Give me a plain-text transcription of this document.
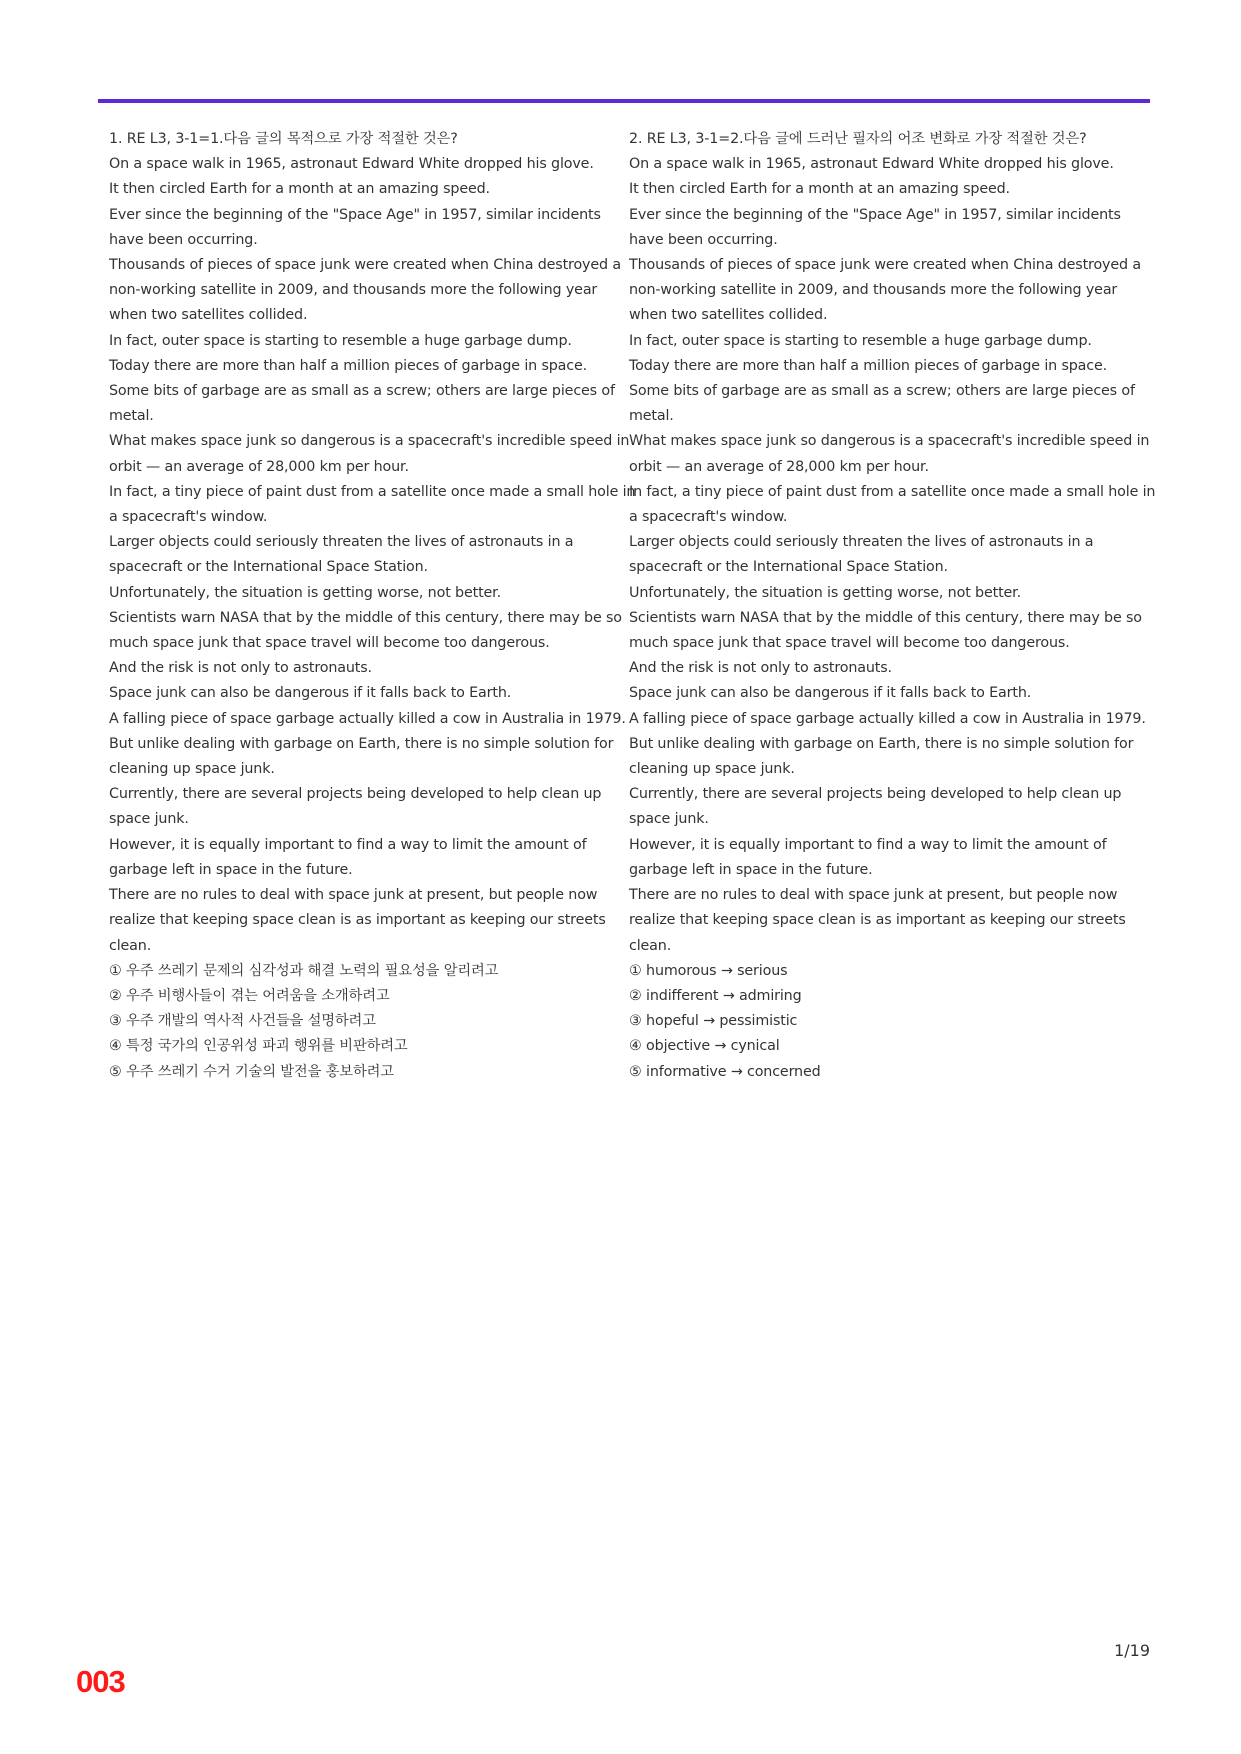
1. RE L3, 3-1=1.다음 글의 목적으로 가장 적절한 것은?
On a space walk in 1965, astronaut Edward White dropped his glove.
It then circled Earth for a month at an amazing speed.
Ever since the beginning of the "Space Age" in 1957, similar incidents
have been occurring.
Thousands of pieces of space junk were created when China destroyed a
non-working satellite in 2009, and thousands more the following year
when two satellites collided.
In fact, outer space is starting to resemble a huge garbage dump.
Today there are more than half a million pieces of garbage in space.
Some bits of garbage are as small as a screw; others are large pieces of
metal.
What makes space junk so dangerous is a spacecraft's incredible speed in
orbit — an average of 28,000 km per hour.
In fact, a tiny piece of paint dust from a satellite once made a small hole in
a spacecraft's window.
Larger objects could seriously threaten the lives of astronauts in a
spacecraft or the International Space Station.
Unfortunately, the situation is getting worse, not better.
Scientists warn NASA that by the middle of this century, there may be so
much space junk that space travel will become too dangerous.
And the risk is not only to astronauts.
Space junk can also be dangerous if it falls back to Earth.
A falling piece of space garbage actually killed a cow in Australia in 1979.
But unlike dealing with garbage on Earth, there is no simple solution for
cleaning up space junk.
Currently, there are several projects being developed to help clean up
space junk.
However, it is equally important to find a way to limit the amount of
garbage left in space in the future.
There are no rules to deal with space junk at present, but people now
realize that keeping space clean is as important as keeping our streets
clean.
① 우주 쓰레기 문제의 심각성과 해결 노력의 필요성을 알리려고
② 우주 비행사들이 겪는 어려움을 소개하려고
③ 우주 개발의 역사적 사건들을 설명하려고
④ 특정 국가의 인공위성 파괴 행위를 비판하려고
⑤ 우주 쓰레기 수거 기술의 발전을 홍보하려고
2. RE L3, 3-1=2.다음 글에 드러난 필자의 어조 변화로 가장 적절한 것은?
On a space walk in 1965, astronaut Edward White dropped his glove.
It then circled Earth for a month at an amazing speed.
Ever since the beginning of the "Space Age" in 1957, similar incidents
have been occurring.
Thousands of pieces of space junk were created when China destroyed a
non-working satellite in 2009, and thousands more the following year
when two satellites collided.
In fact, outer space is starting to resemble a huge garbage dump.
Today there are more than half a million pieces of garbage in space.
Some bits of garbage are as small as a screw; others are large pieces of
metal.
What makes space junk so dangerous is a spacecraft's incredible speed in
orbit — an average of 28,000 km per hour.
In fact, a tiny piece of paint dust from a satellite once made a small hole in
a spacecraft's window.
Larger objects could seriously threaten the lives of astronauts in a
spacecraft or the International Space Station.
Unfortunately, the situation is getting worse, not better.
Scientists warn NASA that by the middle of this century, there may be so
much space junk that space travel will become too dangerous.
And the risk is not only to astronauts.
Space junk can also be dangerous if it falls back to Earth.
A falling piece of space garbage actually killed a cow in Australia in 1979.
But unlike dealing with garbage on Earth, there is no simple solution for
cleaning up space junk.
Currently, there are several projects being developed to help clean up
space junk.
However, it is equally important to find a way to limit the amount of
garbage left in space in the future.
There are no rules to deal with space junk at present, but people now
realize that keeping space clean is as important as keeping our streets
clean.
① humorous → serious
② indifferent → admiring
③ hopeful → pessimistic
④ objective → cynical
⑤ informative → concerned
1/19
003
